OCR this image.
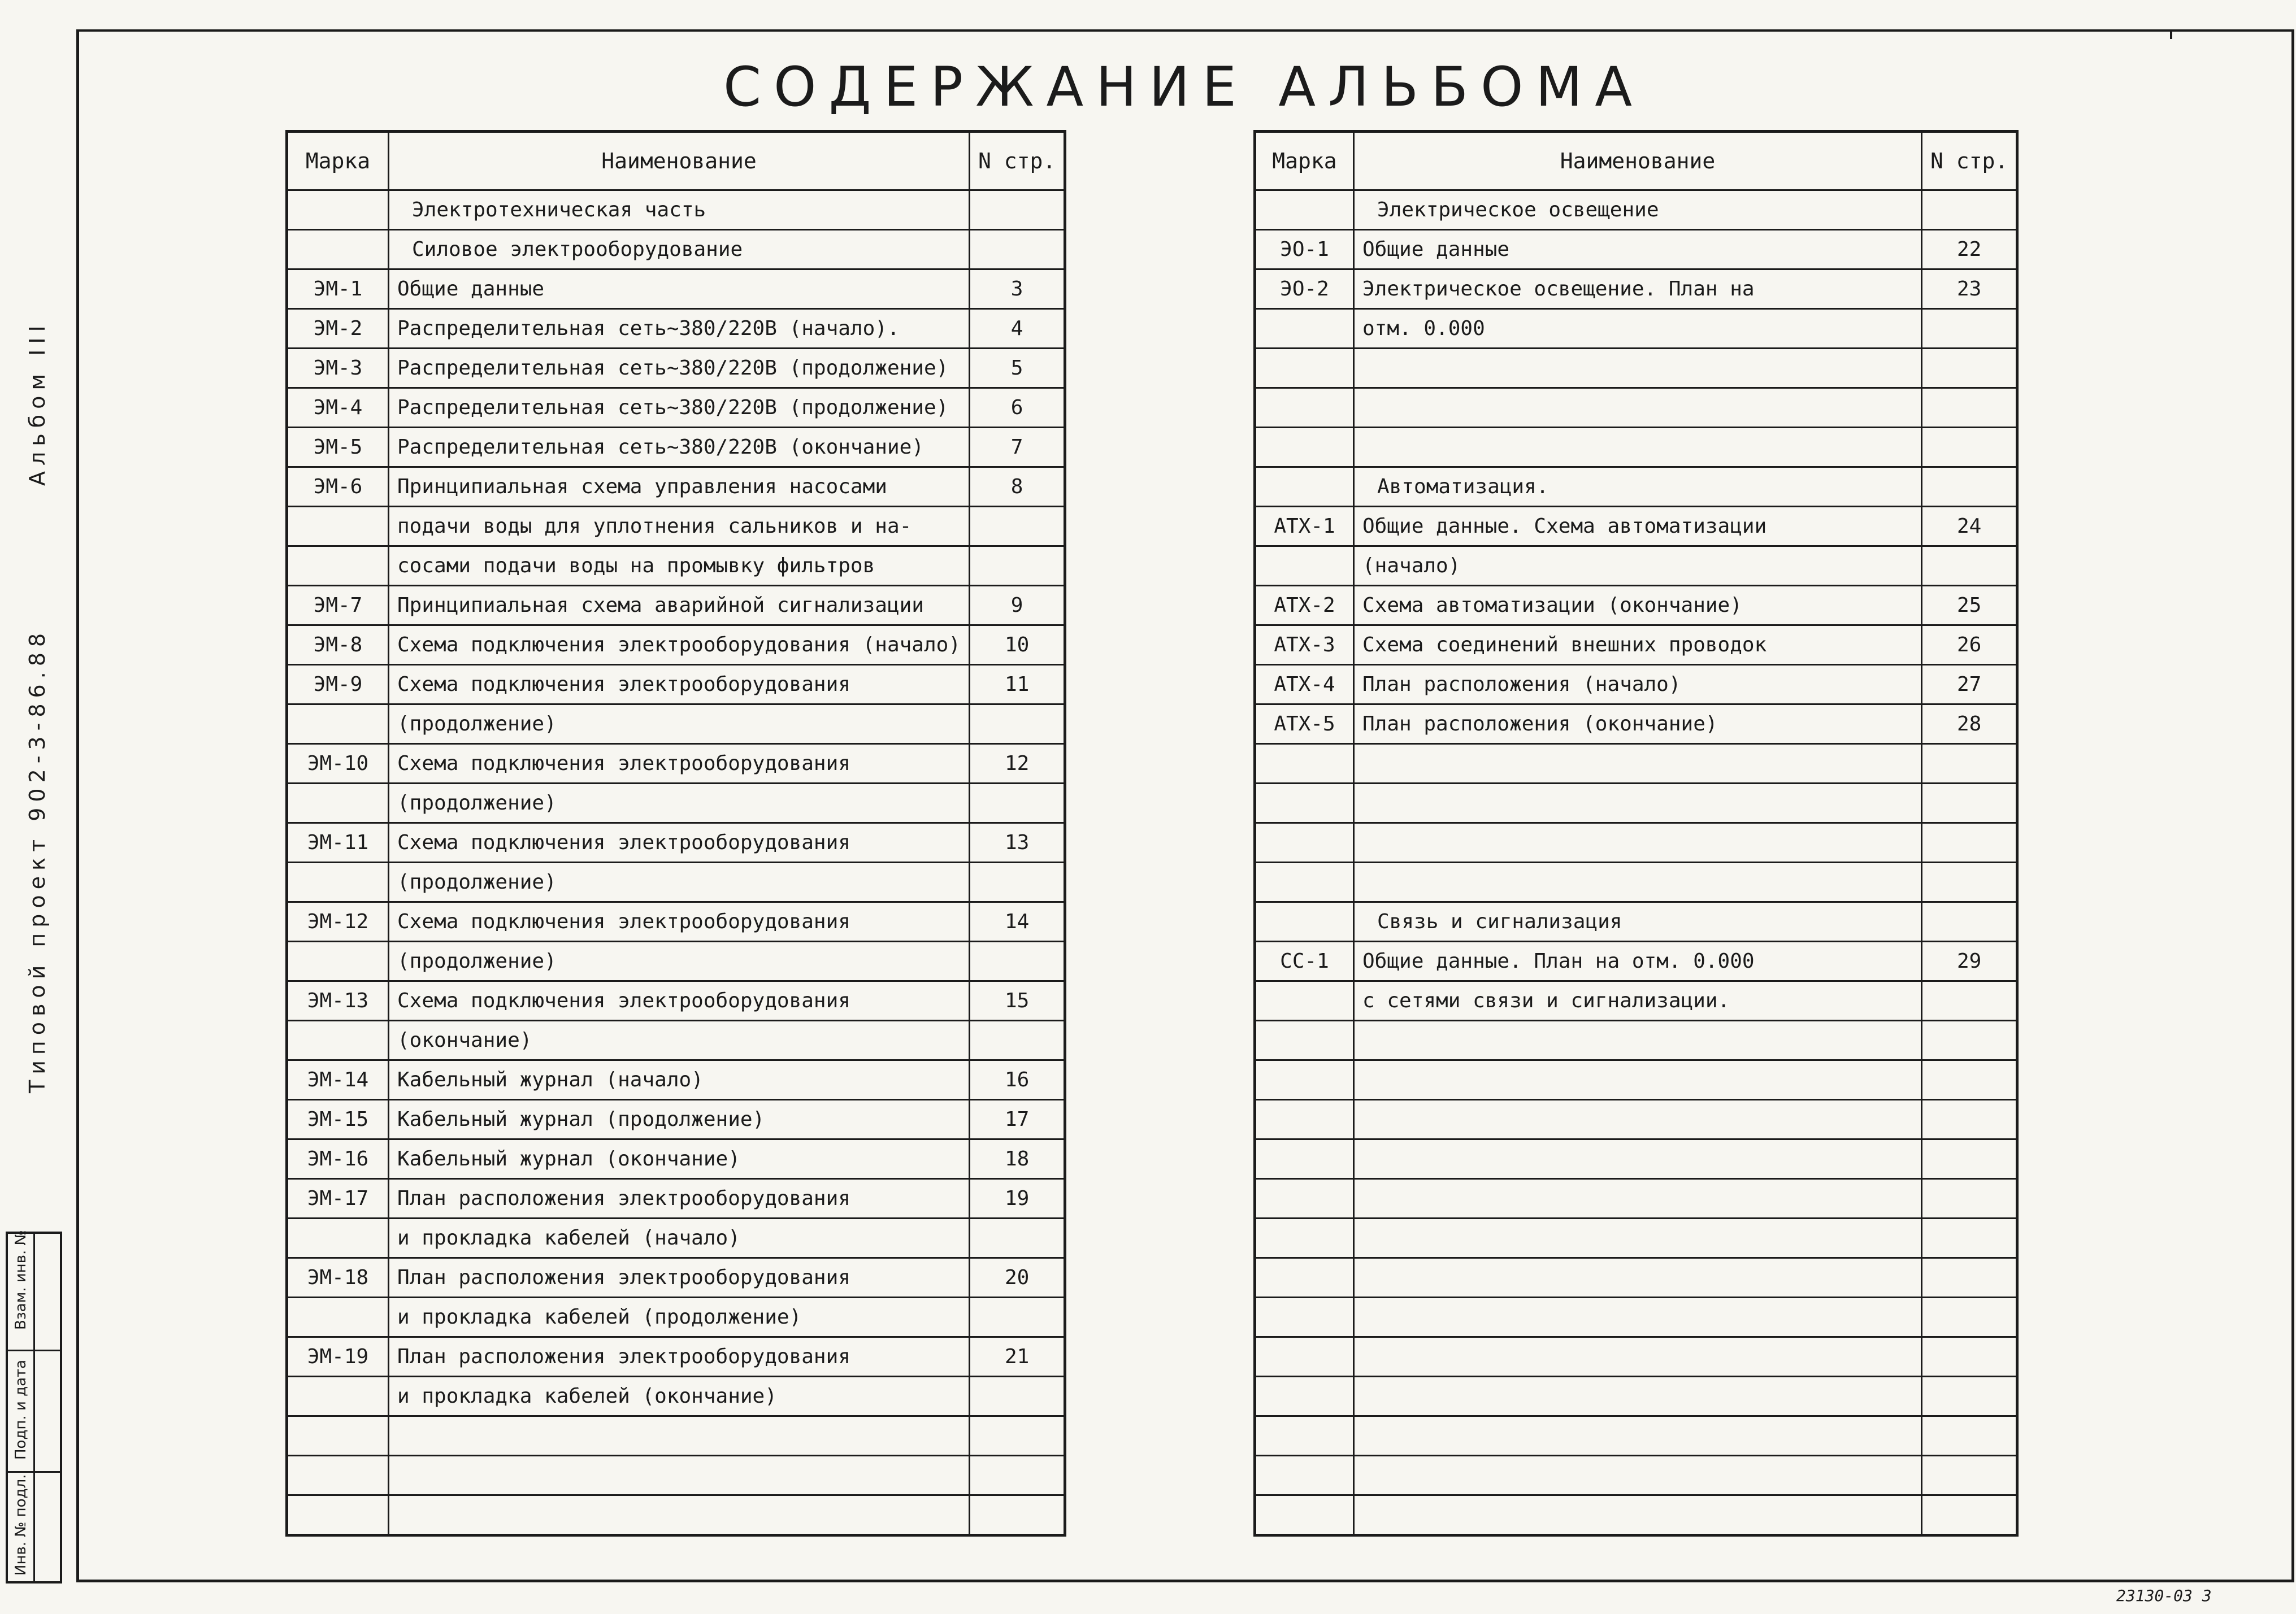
СОДЕРЖАНИЕ АЛЬБОМА
Альбом III
Типовой проект 902-3-86.88
Инв. № подл.
Подп. и дата
Взам. инв. №
Марка	Наименование	N стр.
	Электротехническая часть	
	Силовое электрооборудование	
ЭМ-1	Общие данные	3
ЭМ-2	Распределительная сеть~380/220В (начало).	4
ЭМ-3	Распределительная сеть~380/220В (продолжение)	5
ЭМ-4	Распределительная сеть~380/220В (продолжение)	6
ЭМ-5	Распределительная сеть~380/220В (окончание)	7
ЭМ-6	Принципиальная схема управления насосами	8
	подачи воды для уплотнения сальников и на-	
	сосами подачи воды на промывку фильтров	
ЭМ-7	Принципиальная схема аварийной сигнализации	9
ЭМ-8	Схема подключения электрооборудования (начало)	10
ЭМ-9	Схема подключения электрооборудования	11
	(продолжение)	
ЭМ-10	Схема подключения электрооборудования	12
	(продолжение)	
ЭМ-11	Схема подключения электрооборудования	13
	(продолжение)	
ЭМ-12	Схема подключения электрооборудования	14
	(продолжение)	
ЭМ-13	Схема подключения электрооборудования	15
	(окончание)	
ЭМ-14	Кабельный журнал (начало)	16
ЭМ-15	Кабельный журнал (продолжение)	17
ЭМ-16	Кабельный журнал (окончание)	18
ЭМ-17	План расположения электрооборудования	19
	и прокладка кабелей (начало)	
ЭМ-18	План расположения электрооборудования	20
	и прокладка кабелей (продолжение)	
ЭМ-19	План расположения электрооборудования	21
	и прокладка кабелей (окончание)	

Марка	Наименование	N стр.
	Электрическое освещение	
ЭО-1	Общие данные	22
ЭО-2	Электрическое освещение. План на	23
	отм. 0.000	

	Автоматизация.	
АТХ-1	Общие данные. Схема автоматизации	24
	(начало)	
АТХ-2	Схема автоматизации (окончание)	25
АТХ-3	Схема соединений внешних проводок	26
АТХ-4	План расположения (начало)	27
АТХ-5	План расположения (окончание)	28

	Связь и сигнализация	
СС-1	Общие данные. План на отм. 0.000	29
	с сетями связи и сигнализации.	

23130-03 3
